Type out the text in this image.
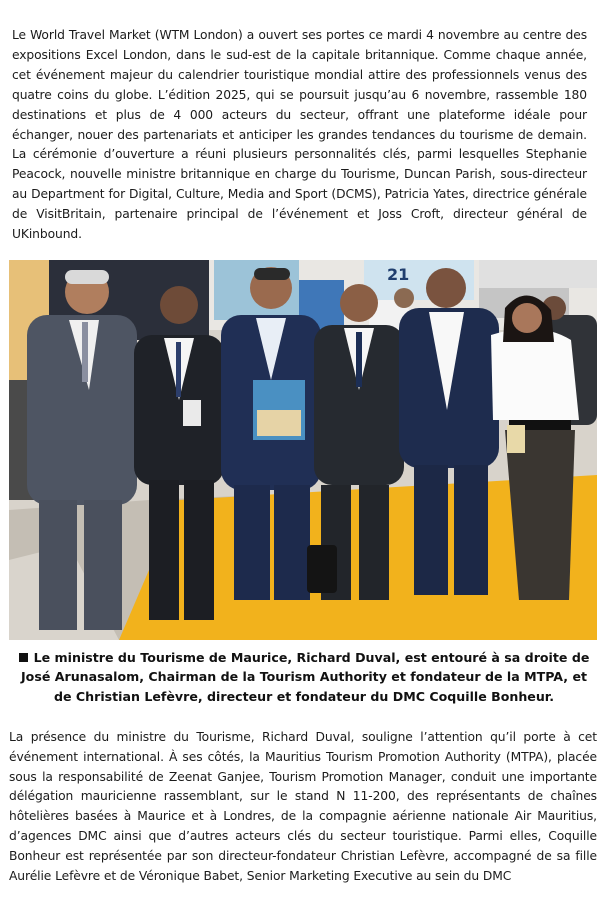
Le World Travel Market (WTM London) a ouvert ses portes ce mardi 4 novembre au centre des expositions Excel London, dans le sud-est de la capitale britannique. Comme chaque année, cet événement majeur du calendrier touristique mondial attire des professionnels venus des quatre coins du globe. L’édition 2025, qui se poursuit jusqu’au 6 novembre, rassemble 180 destinations et plus de 4 000 acteurs du secteur, offrant une plateforme idéale pour échanger, nouer des partenariats et anticiper les grandes tendances du tourisme de demain. La cérémonie d’ouverture a réuni plusieurs personnalités clés, parmi lesquelles Stephanie Peacock, nouvelle ministre britannique en charge du Tourisme, Duncan Parish, sous-directeur au Department for Digital, Culture, Media and Sport (DCMS), Patricia Yates, directrice générale de VisitBritain, partenaire principal de l’événement et Joss Croft, directeur général de UKinbound.

21

Le ministre du Tourisme de Maurice, Richard Duval, est entouré à sa droite de José Arunasalom, Chairman de la Tourism Authority et fondateur de la MTPA, et de Christian Lefèvre, directeur et fondateur du DMC Coquille Bonheur.

La présence du ministre du Tourisme, Richard Duval, souligne l’attention qu’il porte à cet événement international. À ses côtés, la Mauritius Tourism Promotion Authority (MTPA), placée sous la responsabilité de Zeenat Ganjee, Tourism Promotion Manager, conduit une importante délégation mauricienne rassemblant, sur le stand N 11-200, des représentants de chaînes hôtelières basées à Maurice et à Londres, de la compagnie aérienne nationale Air Mauritius, d’agences DMC ainsi que d’autres acteurs clés du secteur touristique. Parmi elles, Coquille Bonheur est représentée par son directeur-fondateur Christian Lefèvre, accompagné de sa fille Aurélie Lefèvre et de Véronique Babet, Senior Marketing Executive au sein du DMC
